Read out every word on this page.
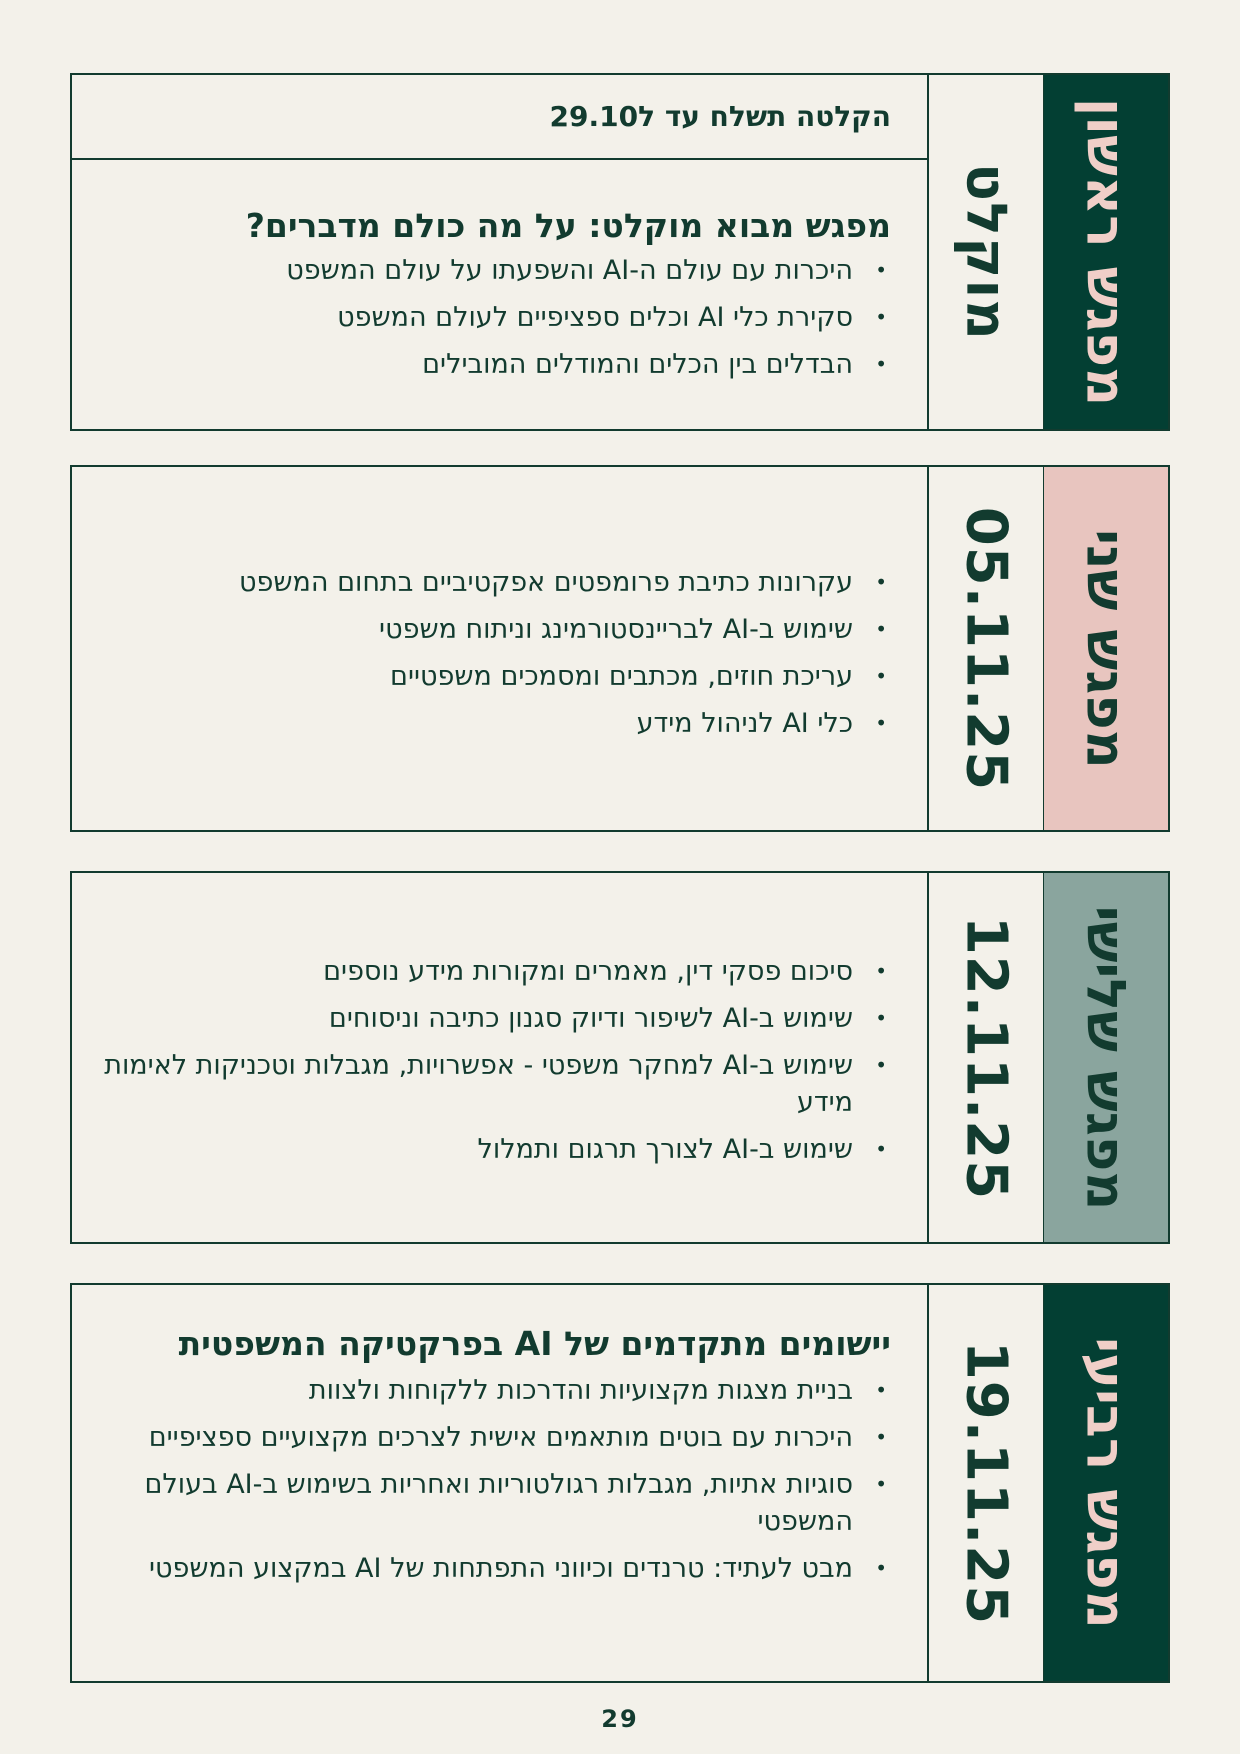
הקלטה תשלח עד ל29.10
מפגש מבוא מוקלט: על מה כולם מדברים?
• היכרות עם עולם ה-AI והשפעתו על עולם המשפט
• סקירת כלי AI וכלים ספציפיים לעולם המשפט
• הבדלים בין הכלים והמודלים המובילים
מוקלט מפגש ראשון
• עקרונות כתיבת פרומפטים אפקטיביים בתחום המשפט
• שימוש ב-AI לבריינסטורמינג וניתוח משפטי
• עריכת חוזים, מכתבים ומסמכים משפטיים
• כלי AI לניהול מידע	05.11.25 מפגש שני
• סיכום פסקי דין, מאמרים ומקורות מידע נוספים
• שימוש ב-AI לשיפור ודיוק סגנון כתיבה וניסוחים
• שימוש ב-AI למחקר משפטי - אפשרויות, מגבלות וטכניקות לאימות מידע
• שימוש ב-AI לצורך תרגום ותמלול	12.11.25 מפגש שלישי
יישומים מתקדמים של AI בפרקטיקה המשפטית
• בניית מצגות מקצועיות והדרכות ללקוחות ולצוות
• היכרות עם בוטים מותאמים אישית לצרכים מקצועיים ספציפיים
• סוגיות אתיות, מגבלות רגולטוריות ואחריות בשימוש ב-AI בעולם המשפטי
• מבט לעתיד: טרנדים וכיווני התפתחות של AI במקצוע המשפטי	19.11.25 מפגש רביעי
29
